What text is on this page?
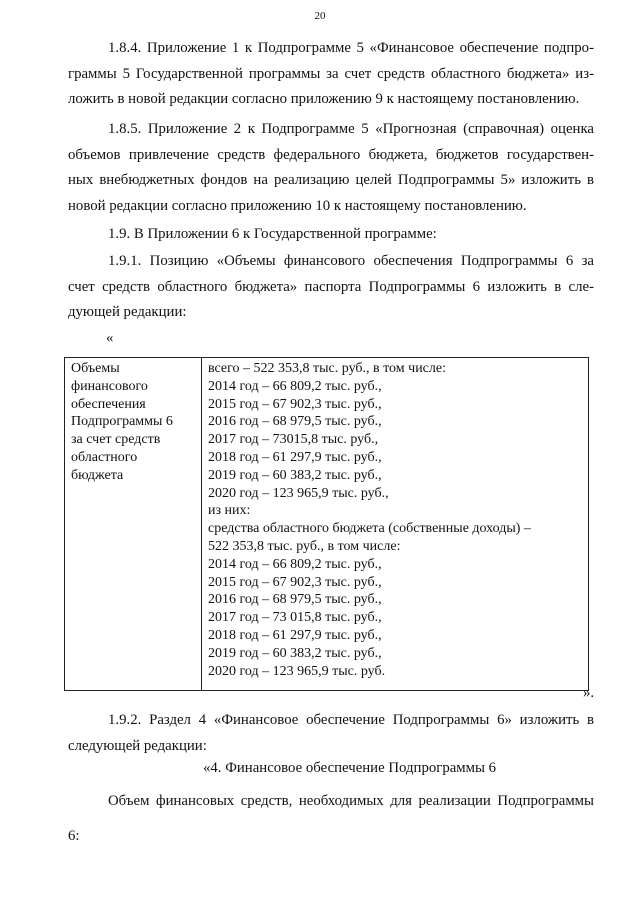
20

1.8.4. Приложение 1 к Подпрограмме 5 «Финансовое обеспечение подпро-
граммы 5 Государственной программы за счет средств областного бюджета» из-
ложить в новой редакции согласно приложению 9 к настоящему постановлению.

1.8.5. Приложение 2 к Подпрограмме 5 «Прогнозная (справочная) оценка
объемов привлечение средств федерального бюджета, бюджетов государствен-
ных внебюджетных фондов на реализацию целей Подпрограммы 5» изложить в
новой редакции согласно приложению 10 к настоящему постановлению.

1.9. В Приложении 6 к Государственной программе:

1.9.1. Позицию «Объемы финансового обеспечения Подпрограммы 6 за
счет средств областного бюджета» паспорта Подпрограммы 6 изложить в сле-
дующей редакции:

«
Объемы
финансового
обеспечения
Подпрограммы 6
за счет средств
областного
бюджета

всего – 522 353,8 тыс. руб., в том числе:
2014 год – 66 809,2 тыс. руб.,
2015 год – 67 902,3 тыс. руб.,
2016 год – 68 979,5 тыс. руб.,
2017 год – 73015,8 тыс. руб.,
2018 год – 61 297,9 тыс. руб.,
2019 год – 60 383,2 тыс. руб.,
2020 год – 123 965,9 тыс. руб.,
из них:
средства областного бюджета (собственные доходы) –
522 353,8 тыс. руб., в том числе:
2014 год – 66 809,2 тыс. руб.,
2015 год – 67 902,3 тыс. руб.,
2016 год – 68 979,5 тыс. руб.,
2017 год – 73 015,8 тыс. руб.,
2018 год – 61 297,9 тыс. руб.,
2019 год – 60 383,2 тыс. руб.,
2020 год – 123 965,9 тыс. руб.
».

1.9.2. Раздел 4 «Финансовое обеспечение Подпрограммы 6» изложить в
следующей редакции:

«4. Финансовое обеспечение Подпрограммы 6

Объем финансовых средств, необходимых для реализации Подпрограммы
6:
